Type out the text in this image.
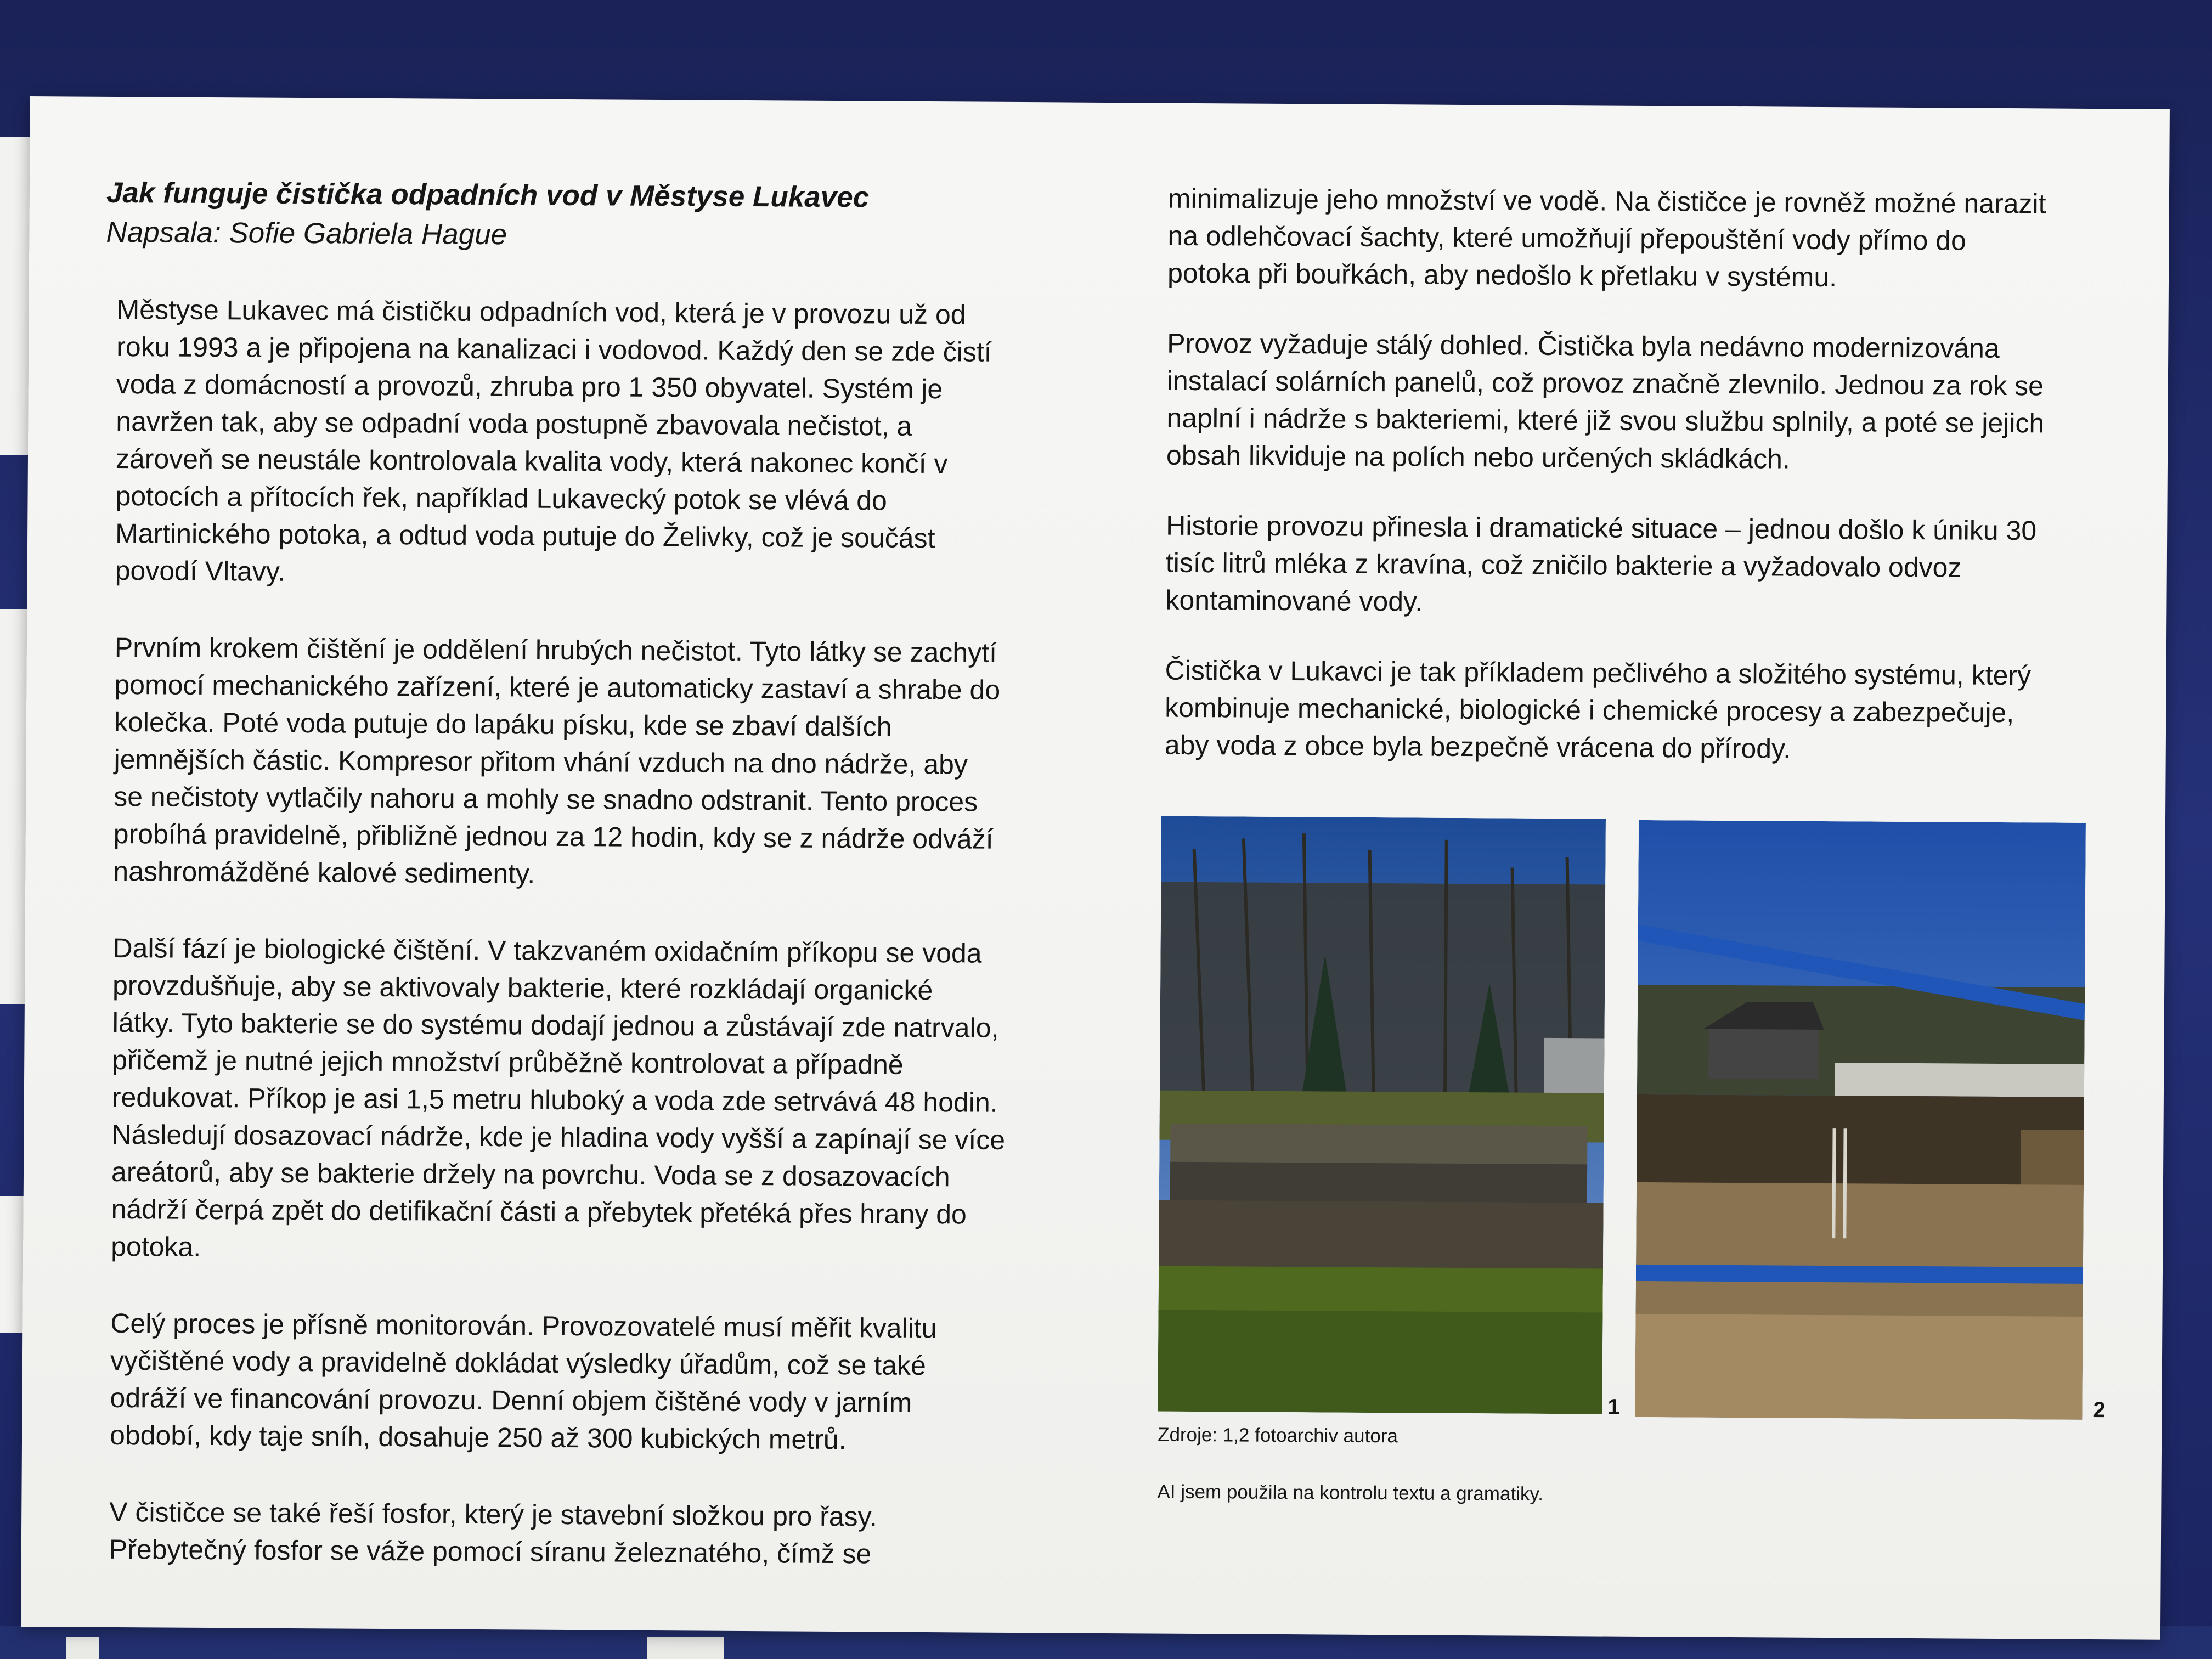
Jak funguje čistička odpadních vod v Městyse Lukavec

Napsala: Sofie Gabriela Hague

Městyse Lukavec má čističku odpadních vod, která je v provozu už od
roku 1993 a je připojena na kanalizaci i vodovod. Každý den se zde čistí
voda z domácností a provozů, zhruba pro 1 350 obyvatel. Systém je
navržen tak, aby se odpadní voda postupně zbavovala nečistot, a
zároveň se neustále kontrolovala kvalita vody, která nakonec končí v
potocích a přítocích řek, například Lukavecký potok se vlévá do
Martinického potoka, a odtud voda putuje do Želivky, což je součást
povodí Vltavy.

Prvním krokem čištění je oddělení hrubých nečistot. Tyto látky se zachytí
pomocí mechanického zařízení, které je automaticky zastaví a shrabe do
kolečka. Poté voda putuje do lapáku písku, kde se zbaví dalších
jemnějších částic. Kompresor přitom vhání vzduch na dno nádrže, aby
se nečistoty vytlačily nahoru a mohly se snadno odstranit. Tento proces
probíhá pravidelně, přibližně jednou za 12 hodin, kdy se z nádrže odváží
nashromážděné kalové sedimenty.

Další fází je biologické čištění. V takzvaném oxidačním příkopu se voda
provzdušňuje, aby se aktivovaly bakterie, které rozkládají organické
látky. Tyto bakterie se do systému dodají jednou a zůstávají zde natrvalo,
přičemž je nutné jejich množství průběžně kontrolovat a případně
redukovat. Příkop je asi 1,5 metru hluboký a voda zde setrvává 48 hodin.
Následují dosazovací nádrže, kde je hladina vody vyšší a zapínají se více
areátorů, aby se bakterie držely na povrchu. Voda se z dosazovacích
nádrží čerpá zpět do detifikační části a přebytek přetéká přes hrany do
potoka.

Celý proces je přísně monitorován. Provozovatelé musí měřit kvalitu
vyčištěné vody a pravidelně dokládat výsledky úřadům, což se také
odráží ve financování provozu. Denní objem čištěné vody v jarním
období, kdy taje sníh, dosahuje 250 až 300 kubických metrů.

V čističce se také řeší fosfor, který je stavební složkou pro řasy.
Přebytečný fosfor se váže pomocí síranu železnatého, čímž se

minimalizuje jeho množství ve vodě. Na čističce je rovněž možné narazit
na odlehčovací šachty, které umožňují přepouštění vody přímo do
potoka při bouřkách, aby nedošlo k přetlaku v systému.

Provoz vyžaduje stálý dohled. Čistička byla nedávno modernizována
instalací solárních panelů, což provoz značně zlevnilo. Jednou za rok se
naplní i nádrže s bakteriemi, které již svou službu splnily, a poté se jejich
obsah likviduje na polích nebo určených skládkách.

Historie provozu přinesla i dramatické situace – jednou došlo k úniku 30
tisíc litrů mléka z kravína, což zničilo bakterie a vyžadovalo odvoz
kontaminované vody.

Čistička v Lukavci je tak příkladem pečlivého a složitého systému, který
kombinuje mechanické, biologické i chemické procesy a zabezpečuje,
aby voda z obce byla bezpečně vrácena do přírody.

1	2
Zdroje: 1,2 fotoarchiv autora
AI jsem použila na kontrolu textu a gramatiky.
